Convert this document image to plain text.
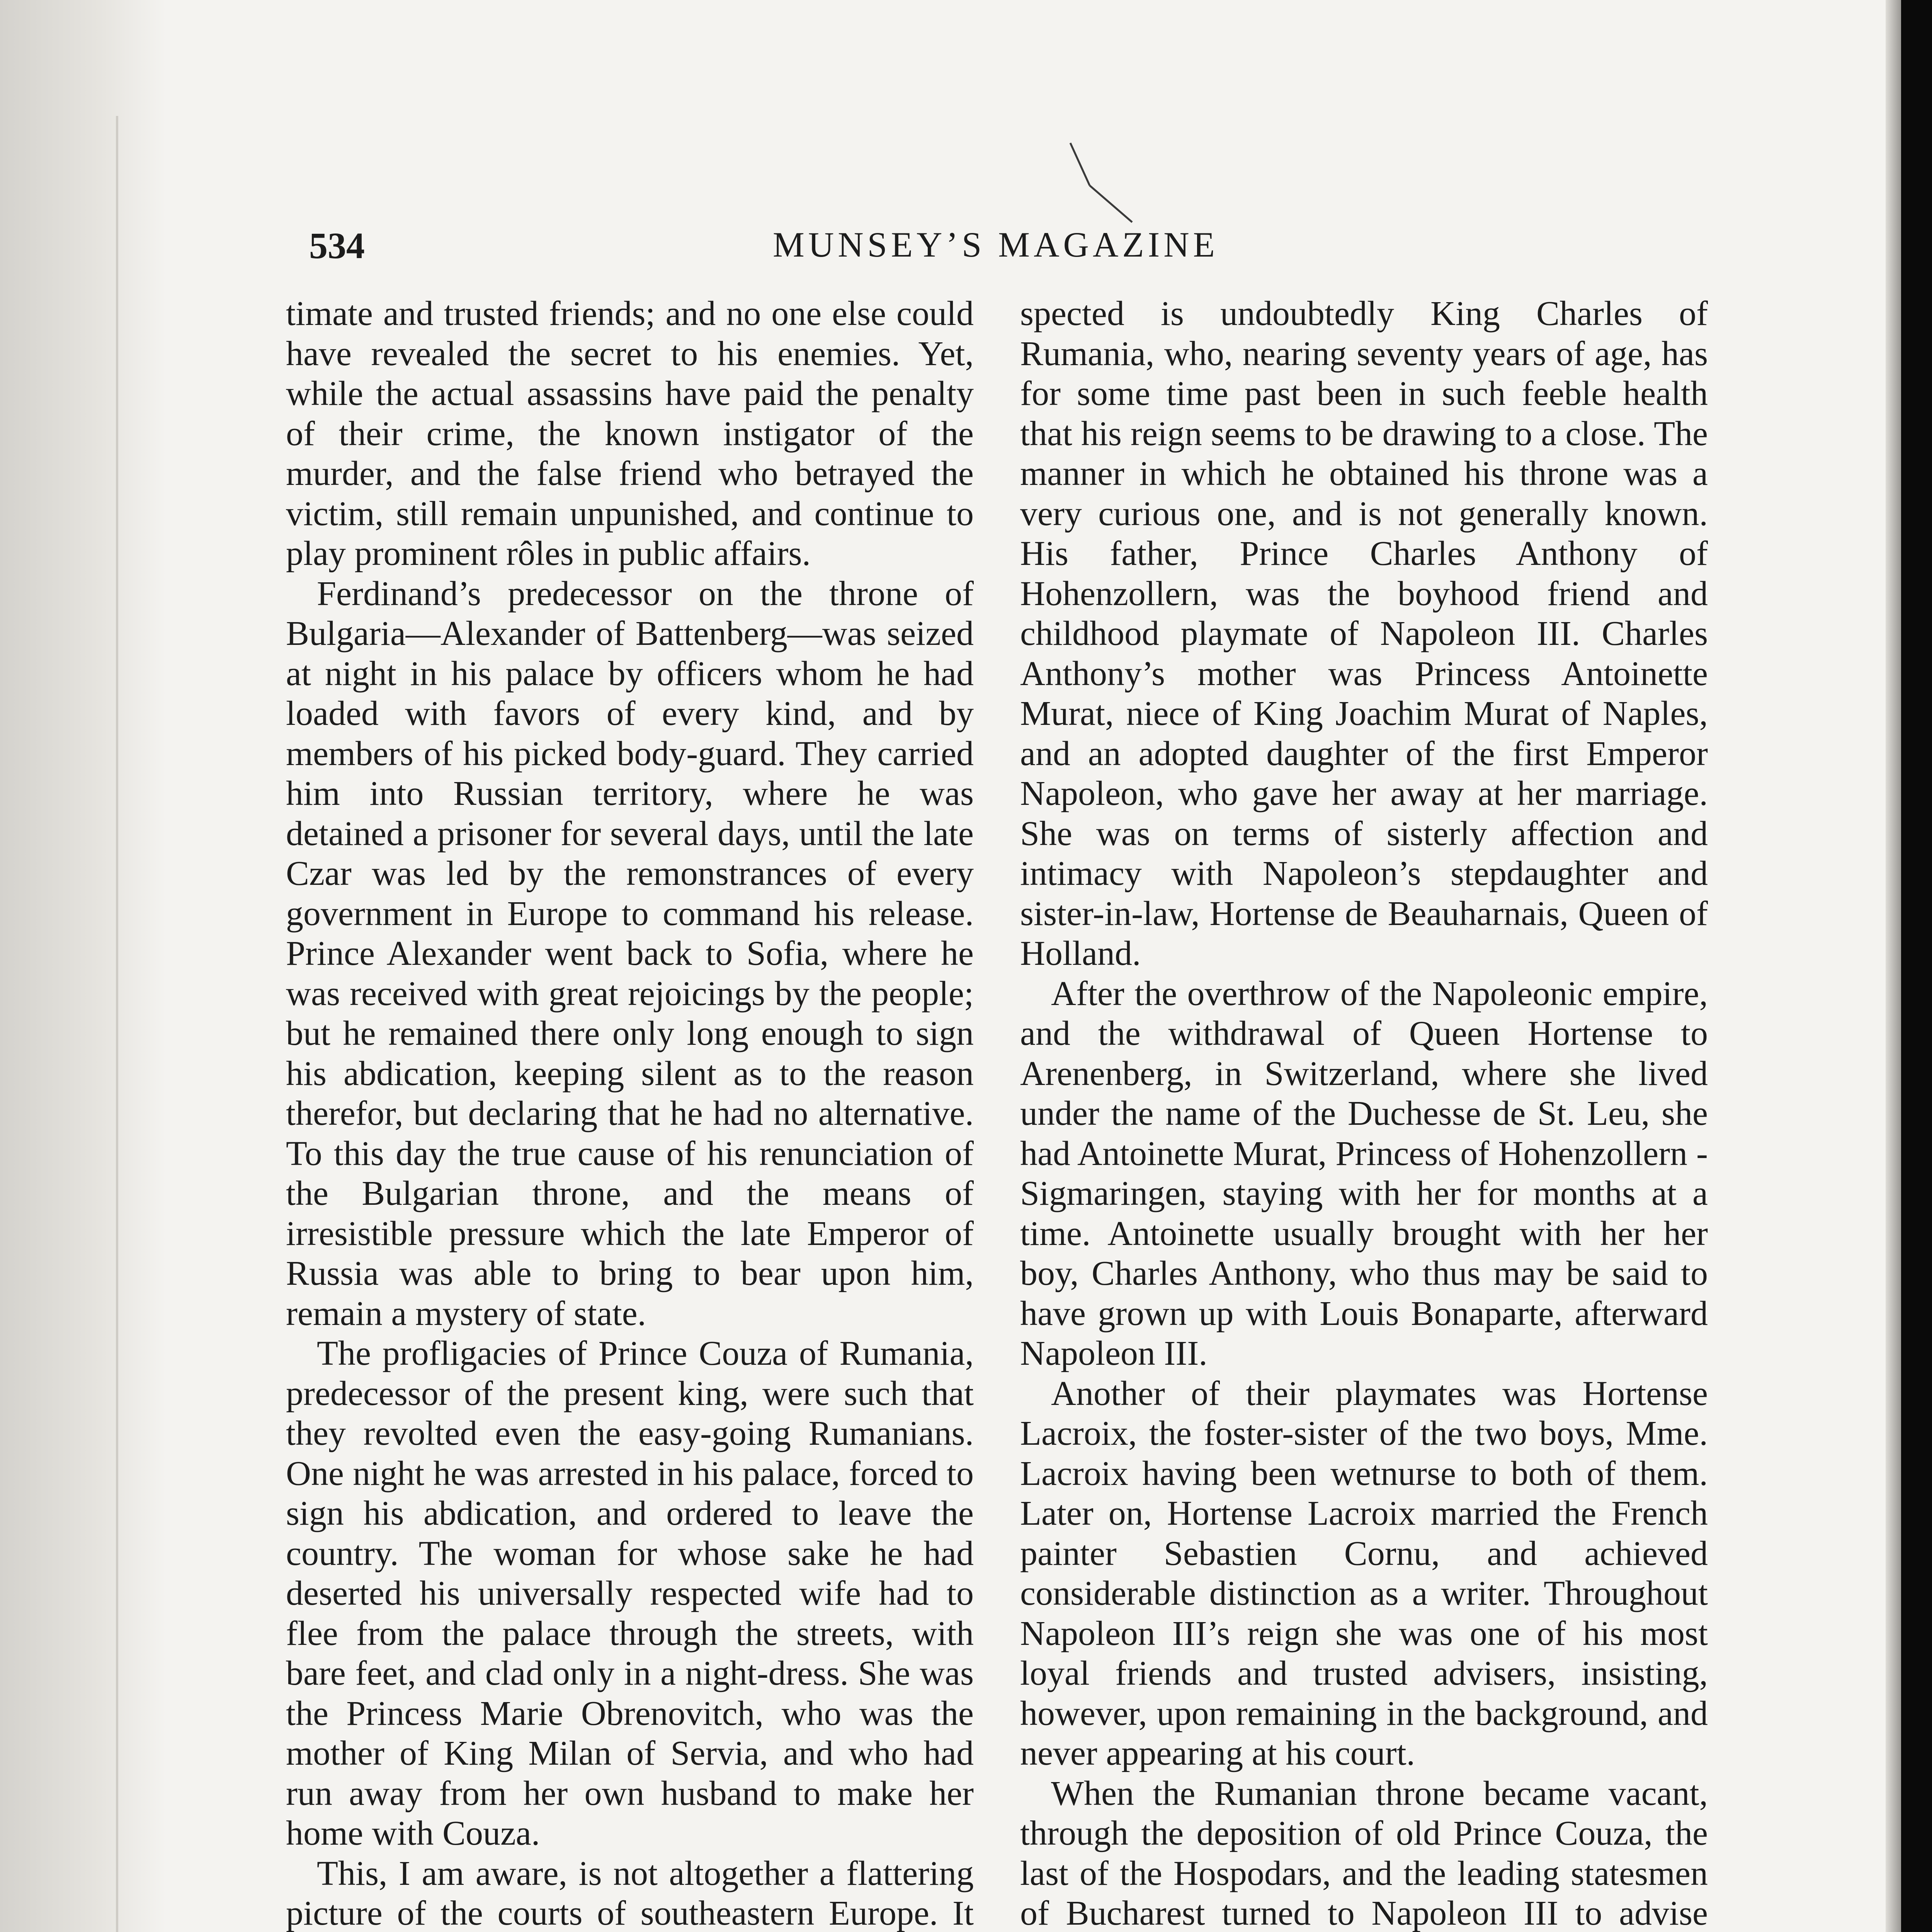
534	MUNSEY’S MAGAZINE

timate and trusted friends; and no one else could have revealed the secret to his enemies. Yet, while the actual assassins have paid the penalty of their crime, the known instigator of the murder, and the false friend who betrayed the victim, still remain unpunished, and continue to play prominent rôles in public affairs.

Ferdinand’s predecessor on the throne of Bulgaria—Alexander of Battenberg—was seized at night in his palace by officers whom he had loaded with favors of every kind, and by members of his picked body-guard. They carried him into Russian territory, where he was detained a prisoner for several days, until the late Czar was led by the remonstrances of every government in Europe to command his release. Prince Alexander went back to Sofia, where he was received with great rejoicings by the people; but he remained there only long enough to sign his abdication, keeping silent as to the reason therefor, but declaring that he had no alternative. To this day the true cause of his renunciation of the Bulgarian throne, and the means of irresistible pressure which the late Emperor of Russia was able to bring to bear upon him, remain a mystery of state.

The profligacies of Prince Couza of Rumania, predecessor of the present king, were such that they revolted even the easy-going Rumanians. One night he was arrested in his palace, forced to sign his abdication, and ordered to leave the country. The woman for whose sake he had deserted his universally respected wife had to flee from the palace through the streets, with bare feet, and clad only in a night-dress. She was the Princess Marie Obrenovitch, who was the mother of King Milan of Servia, and who had run away from her own husband to make her home with Couza.

This, I am aware, is not altogether a flattering picture of the courts of southeastern Europe. It

spected is undoubtedly King Charles of Rumania, who, nearing seventy years of age, has for some time past been in such feeble health that his reign seems to be drawing to a close. The manner in which he obtained his throne was a very curious one, and is not generally known. His father, Prince Charles Anthony of Hohenzollern, was the boyhood friend and childhood playmate of Napoleon III. Charles Anthony’s mother was Princess Antoinette Murat, niece of King Joachim Murat of Naples, and an adopted daughter of the first Emperor Napoleon, who gave her away at her marriage. She was on terms of sisterly affection and intimacy with Napoleon’s stepdaughter and sister-in-law, Hortense de Beauharnais, Queen of Holland.

After the overthrow of the Napoleonic empire, and the withdrawal of Queen Hortense to Arenenberg, in Switzerland, where she lived under the name of the Duchesse de St. Leu, she had Antoinette Murat, Princess of Hohenzollern - Sigmaringen, staying with her for months at a time. Antoinette usually brought with her her boy, Charles Anthony, who thus may be said to have grown up with Louis Bonaparte, afterward Napoleon III.

Another of their playmates was Hortense Lacroix, the foster-sister of the two boys, Mme. Lacroix having been wetnurse to both of them. Later on, Hortense Lacroix married the French painter Sebastien Cornu, and achieved considerable distinction as a writer. Throughout Napoleon III’s reign she was one of his most loyal friends and trusted advisers, insisting, however, upon remaining in the background, and never appearing at his court.

When the Rumanian throne became vacant, through the deposition of old Prince Couza, the last of the Hospodars, and the leading statesmen of Bucharest turned to Napoleon III to advise
